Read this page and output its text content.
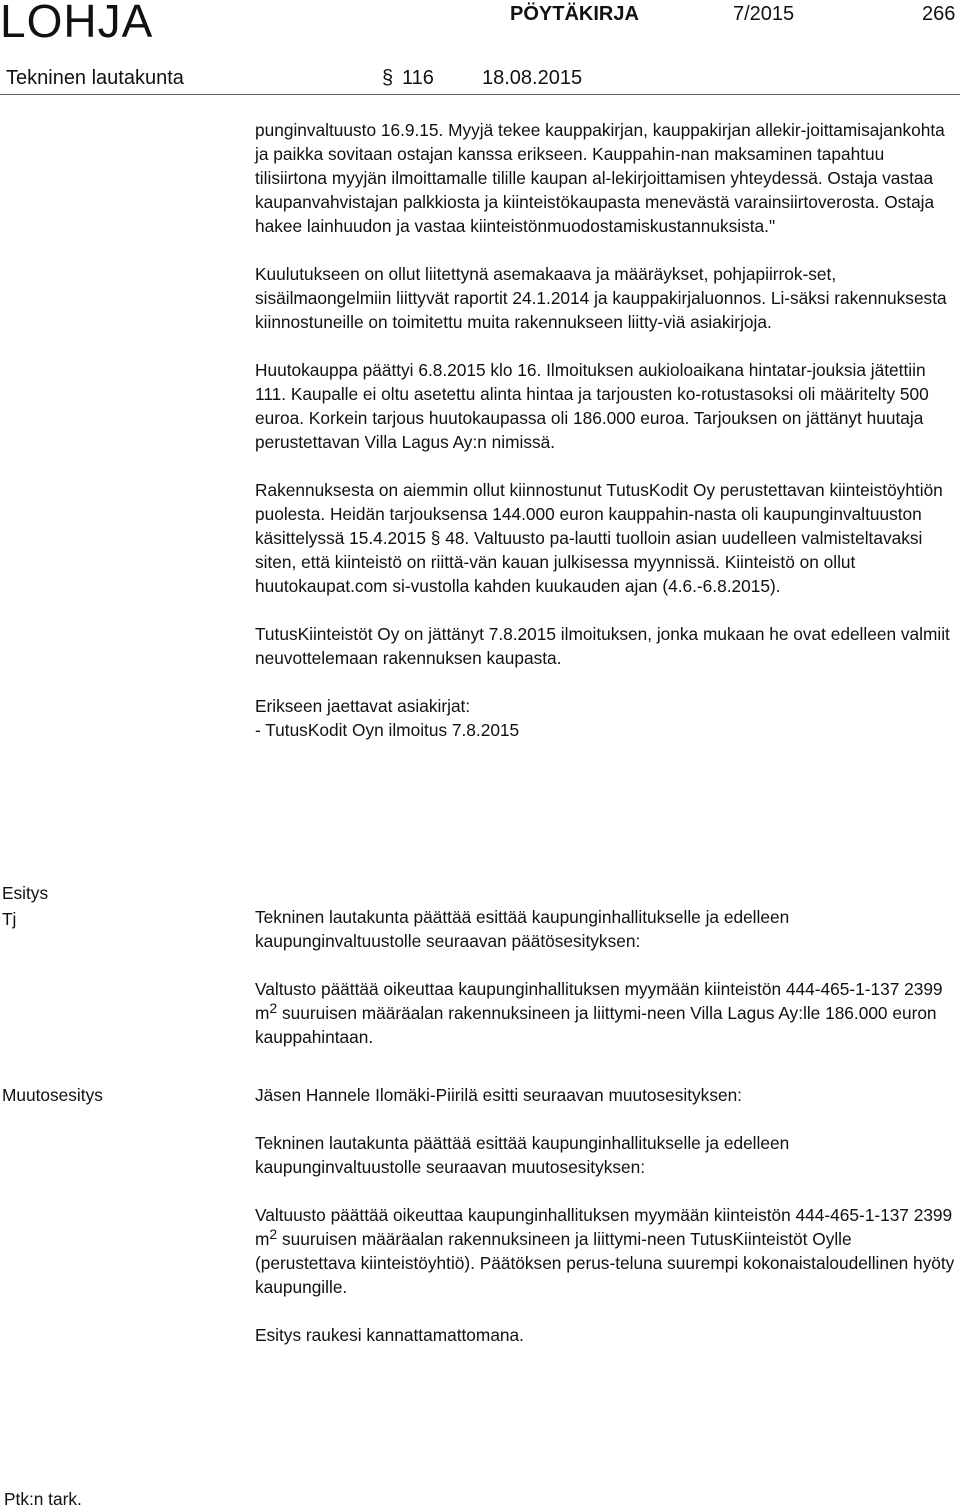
LOHJA	PÖYTÄKIRJA	7/2015	266
Tekninen lautakunta	§ 116 18.08.2015

punginvaltuusto 16.9.15. Myyjä tekee kauppakirjan, kauppakirjan allekir-joittamisajankohta ja paikka sovitaan ostajan kanssa erikseen. Kauppahin-nan maksaminen tapahtuu tilisiirtona myyjän ilmoittamalle tilille kaupan al-lekirjoittamisen yhteydessä. Ostaja vastaa kaupanvahvistajan palkkiosta ja kiinteistökaupasta menevästä varainsiirtoverosta. Ostaja hakee lainhuudon ja vastaa kiinteistönmuodostamiskustannuksista."

Kuulutukseen on ollut liitettynä asemakaava ja määräykset, pohjapiirrok-set, sisäilmaongelmiin liittyvät raportit 24.1.2014 ja kauppakirjaluonnos. Li-säksi rakennuksesta kiinnostuneille on toimitettu muita rakennukseen liitty-viä asiakirjoja.

Huutokauppa päättyi 6.8.2015 klo 16. Ilmoituksen aukioloaikana hintatar-jouksia jätettiin 111. Kaupalle ei oltu asetettu alinta hintaa ja tarjousten ko-rotustasoksi oli määritelty 500 euroa. Korkein tarjous huutokaupassa oli 186.000 euroa. Tarjouksen on jättänyt huutaja perustettavan Villa Lagus Ay:n nimissä.

Rakennuksesta on aiemmin ollut kiinnostunut TutusKodit Oy perustettavan kiinteistöyhtiön puolesta. Heidän tarjouksensa 144.000 euron kauppahin-nasta oli kaupunginvaltuuston käsittelyssä 15.4.2015 § 48. Valtuusto pa-lautti tuolloin asian uudelleen valmisteltavaksi siten, että kiinteistö on riittä-vän kauan julkisessa myynnissä. Kiinteistö on ollut huutokaupat.com si-vustolla kahden kuukauden ajan (4.6.-6.8.2015).

TutusKiinteistöt Oy on jättänyt 7.8.2015 ilmoituksen, jonka mukaan he ovat edelleen valmiit neuvottelemaan rakennuksen kaupasta.

Erikseen jaettavat asiakirjat:

- TutusKodit Oyn ilmoitus 7.8.2015

Esitys
Tj	Tekninen lautakunta päättää esittää kaupunginhallitukselle ja edelleen kaupunginvaltuustolle seuraavan päätösesityksen:

Valtusto päättää oikeuttaa kaupunginhallituksen myymään kiinteistön 444-465-1-137 2399 $m^2$ suuruisen määräalan rakennuksineen ja liittymi-neen Villa Lagus Ay:lle 186.000 euron kauppahintaan.

Muutosesitys	Jäsen Hannele Ilomäki-Piirilä esitti seuraavan muutosesityksen:

Tekninen lautakunta päättää esittää kaupunginhallitukselle ja edelleen kaupunginvaltuustolle seuraavan muutosesityksen:

Valtuusto päättää oikeuttaa kaupunginhallituksen myymään kiinteistön 444-465-1-137 2399 $m^2$ suuruisen määräalan rakennuksineen ja liittymi-neen TutusKiinteistöt Oylle (perustettava kiinteistöyhtiö). Päätöksen perus-teluna suurempi kokonaistaloudellinen hyöty kaupungille.

Esitys raukesi kannattamattomana.

Ptk:n tark.
